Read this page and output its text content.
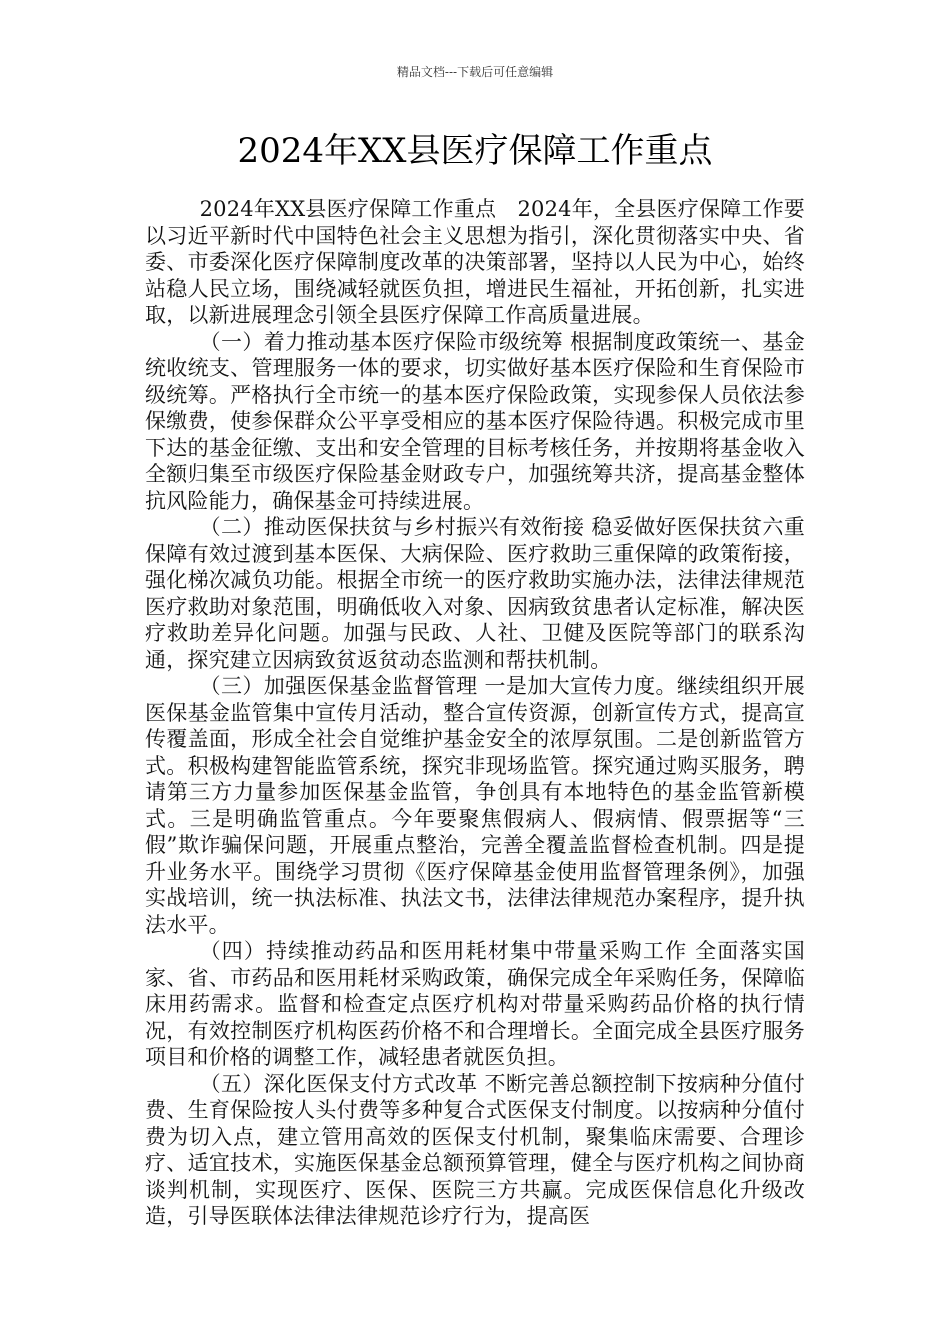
精品文档---下载后可任意编辑
2024年XX县医疗保障工作重点

2024年XX县医疗保障工作重点　2024年，全县医疗保障工作要以习近平新时代中国特色社会主义思想为指引，深化贯彻落实中央、省委、市委深化医疗保障制度改革的决策部署，坚持以人民为中心，始终站稳人民立场，围绕减轻就医负担，增进民生福祉，开拓创新，扎实进取，以新进展理念引领全县医疗保障工作高质量进展。

（一）着力推动基本医疗保险市级统筹 根据制度政策统一、基金统收统支、管理服务一体的要求，切实做好基本医疗保险和生育保险市级统筹。严格执行全市统一的基本医疗保险政策，实现参保人员依法参保缴费，使参保群众公平享受相应的基本医疗保险待遇。积极完成市里下达的基金征缴、支出和安全管理的目标考核任务，并按期将基金收入全额归集至市级医疗保险基金财政专户，加强统筹共济，提高基金整体抗风险能力，确保基金可持续进展。

（二）推动医保扶贫与乡村振兴有效衔接 稳妥做好医保扶贫六重保障有效过渡到基本医保、大病保险、医疗救助三重保障的政策衔接，强化梯次减负功能。根据全市统一的医疗救助实施办法，法律法律规范医疗救助对象范围，明确低收入对象、因病致贫患者认定标准，解决医疗救助差异化问题。加强与民政、人社、卫健及医院等部门的联系沟通，探究建立因病致贫返贫动态监测和帮扶机制。

（三）加强医保基金监督管理 一是加大宣传力度。继续组织开展医保基金监管集中宣传月活动，整合宣传资源，创新宣传方式，提高宣传覆盖面，形成全社会自觉维护基金安全的浓厚氛围。二是创新监管方式。积极构建智能监管系统，探究非现场监管。探究通过购买服务，聘请第三方力量参加医保基金监管，争创具有本地特色的基金监管新模式。三是明确监管重点。今年要聚焦假病人、假病情、假票据等“三假”欺诈骗保问题，开展重点整治，完善全覆盖监督检查机制。四是提升业务水平。围绕学习贯彻《医疗保障基金使用监督管理条例》，加强实战培训，统一执法标准、执法文书，法律法律规范办案程序，提升执法水平。

（四）持续推动药品和医用耗材集中带量采购工作 全面落实国家、省、市药品和医用耗材采购政策，确保完成全年采购任务，保障临床用药需求。监督和检查定点医疗机构对带量采购药品价格的执行情况，有效控制医疗机构医药价格不和合理增长。全面完成全县医疗服务项目和价格的调整工作，减轻患者就医负担。

（五）深化医保支付方式改革 不断完善总额控制下按病种分值付费、生育保险按人头付费等多种复合式医保支付制度。以按病种分值付费为切入点，建立管用高效的医保支付机制，聚集临床需要、合理诊疗、适宜技术，实施医保基金总额预算管理，健全与医疗机构之间协商谈判机制，实现医疗、医保、医院三方共赢。完成医保信息化升级改造，引导医联体法律法律规范诊疗行为，提高医
